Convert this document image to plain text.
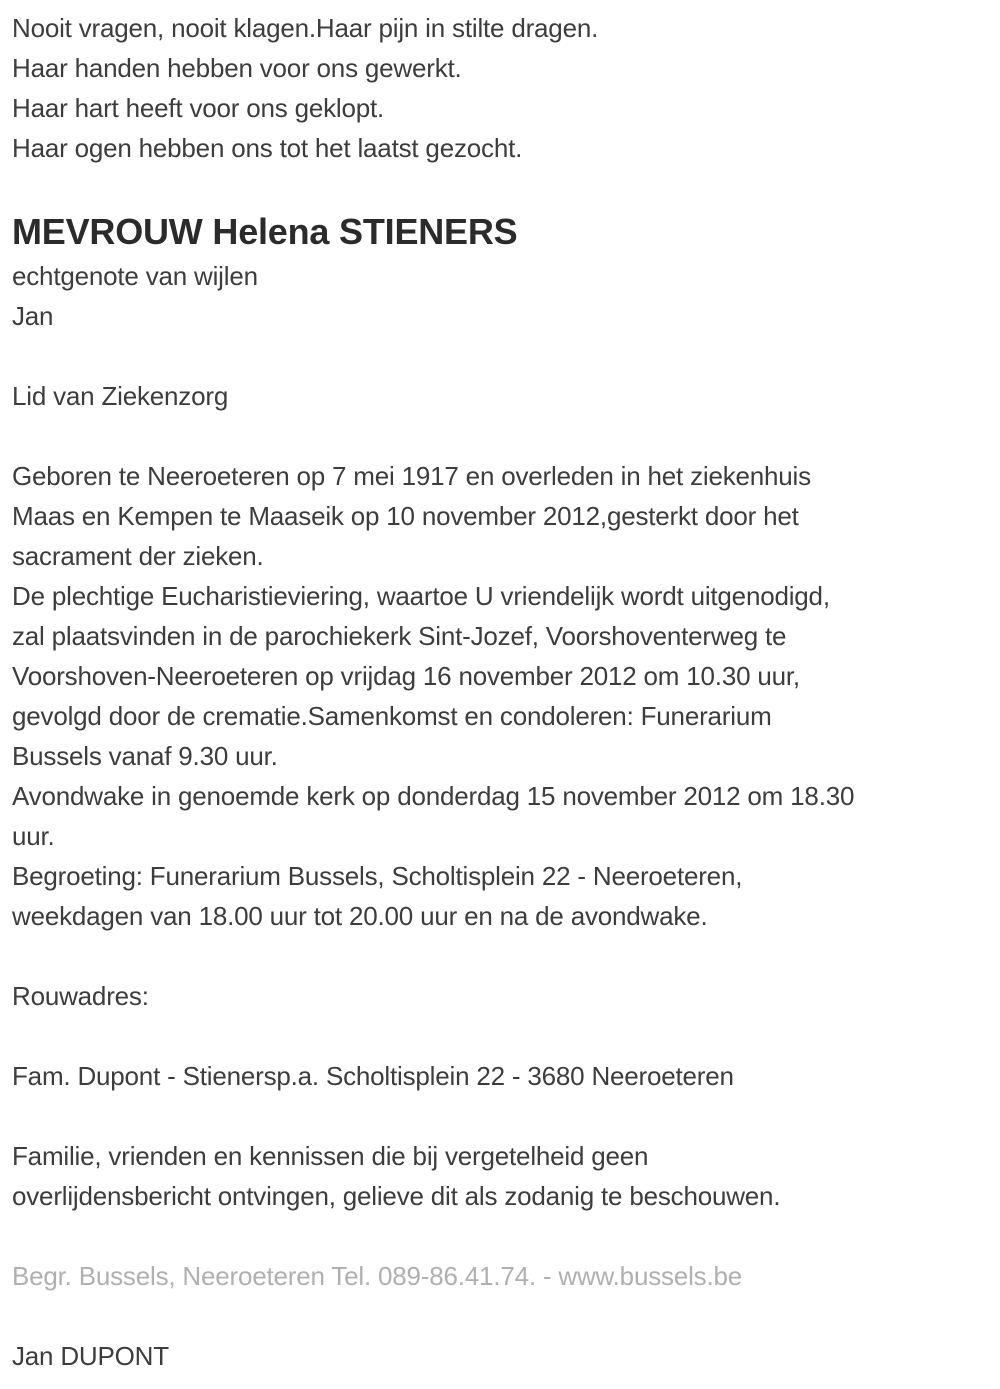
Nooit vragen, nooit klagen.Haar pijn in stilte dragen.
Haar handen hebben voor ons gewerkt.
Haar hart heeft voor ons geklopt.
Haar ogen hebben ons tot het laatst gezocht.
MEVROUW Helena STIENERS
echtgenote van wijlen
Jan
Lid van Ziekenzorg
Geboren te Neeroeteren op 7 mei 1917 en overleden in het ziekenhuis
Maas en Kempen te Maaseik op 10 november 2012,gesterkt door het
sacrament der zieken.
De plechtige Eucharistieviering, waartoe U vriendelijk wordt uitgenodigd,
zal plaatsvinden in de parochiekerk Sint-Jozef, Voorshoventerweg te
Voorshoven-Neeroeteren op vrijdag 16 november 2012 om 10.30 uur,
gevolgd door de crematie.Samenkomst en condoleren: Funerarium
Bussels vanaf 9.30 uur.
Avondwake in genoemde kerk op donderdag 15 november 2012 om 18.30
uur.
Begroeting: Funerarium Bussels, Scholtisplein 22 - Neeroeteren,
weekdagen van 18.00 uur tot 20.00 uur en na de avondwake.
Rouwadres:
Fam. Dupont - Stienersp.a. Scholtisplein 22 - 3680 Neeroeteren
Familie, vrienden en kennissen die bij vergetelheid geen
overlijdensbericht ontvingen, gelieve dit als zodanig te beschouwen.
Begr. Bussels, Neeroeteren Tel. 089-86.41.74. - www.bussels.be
Jan DUPONT
